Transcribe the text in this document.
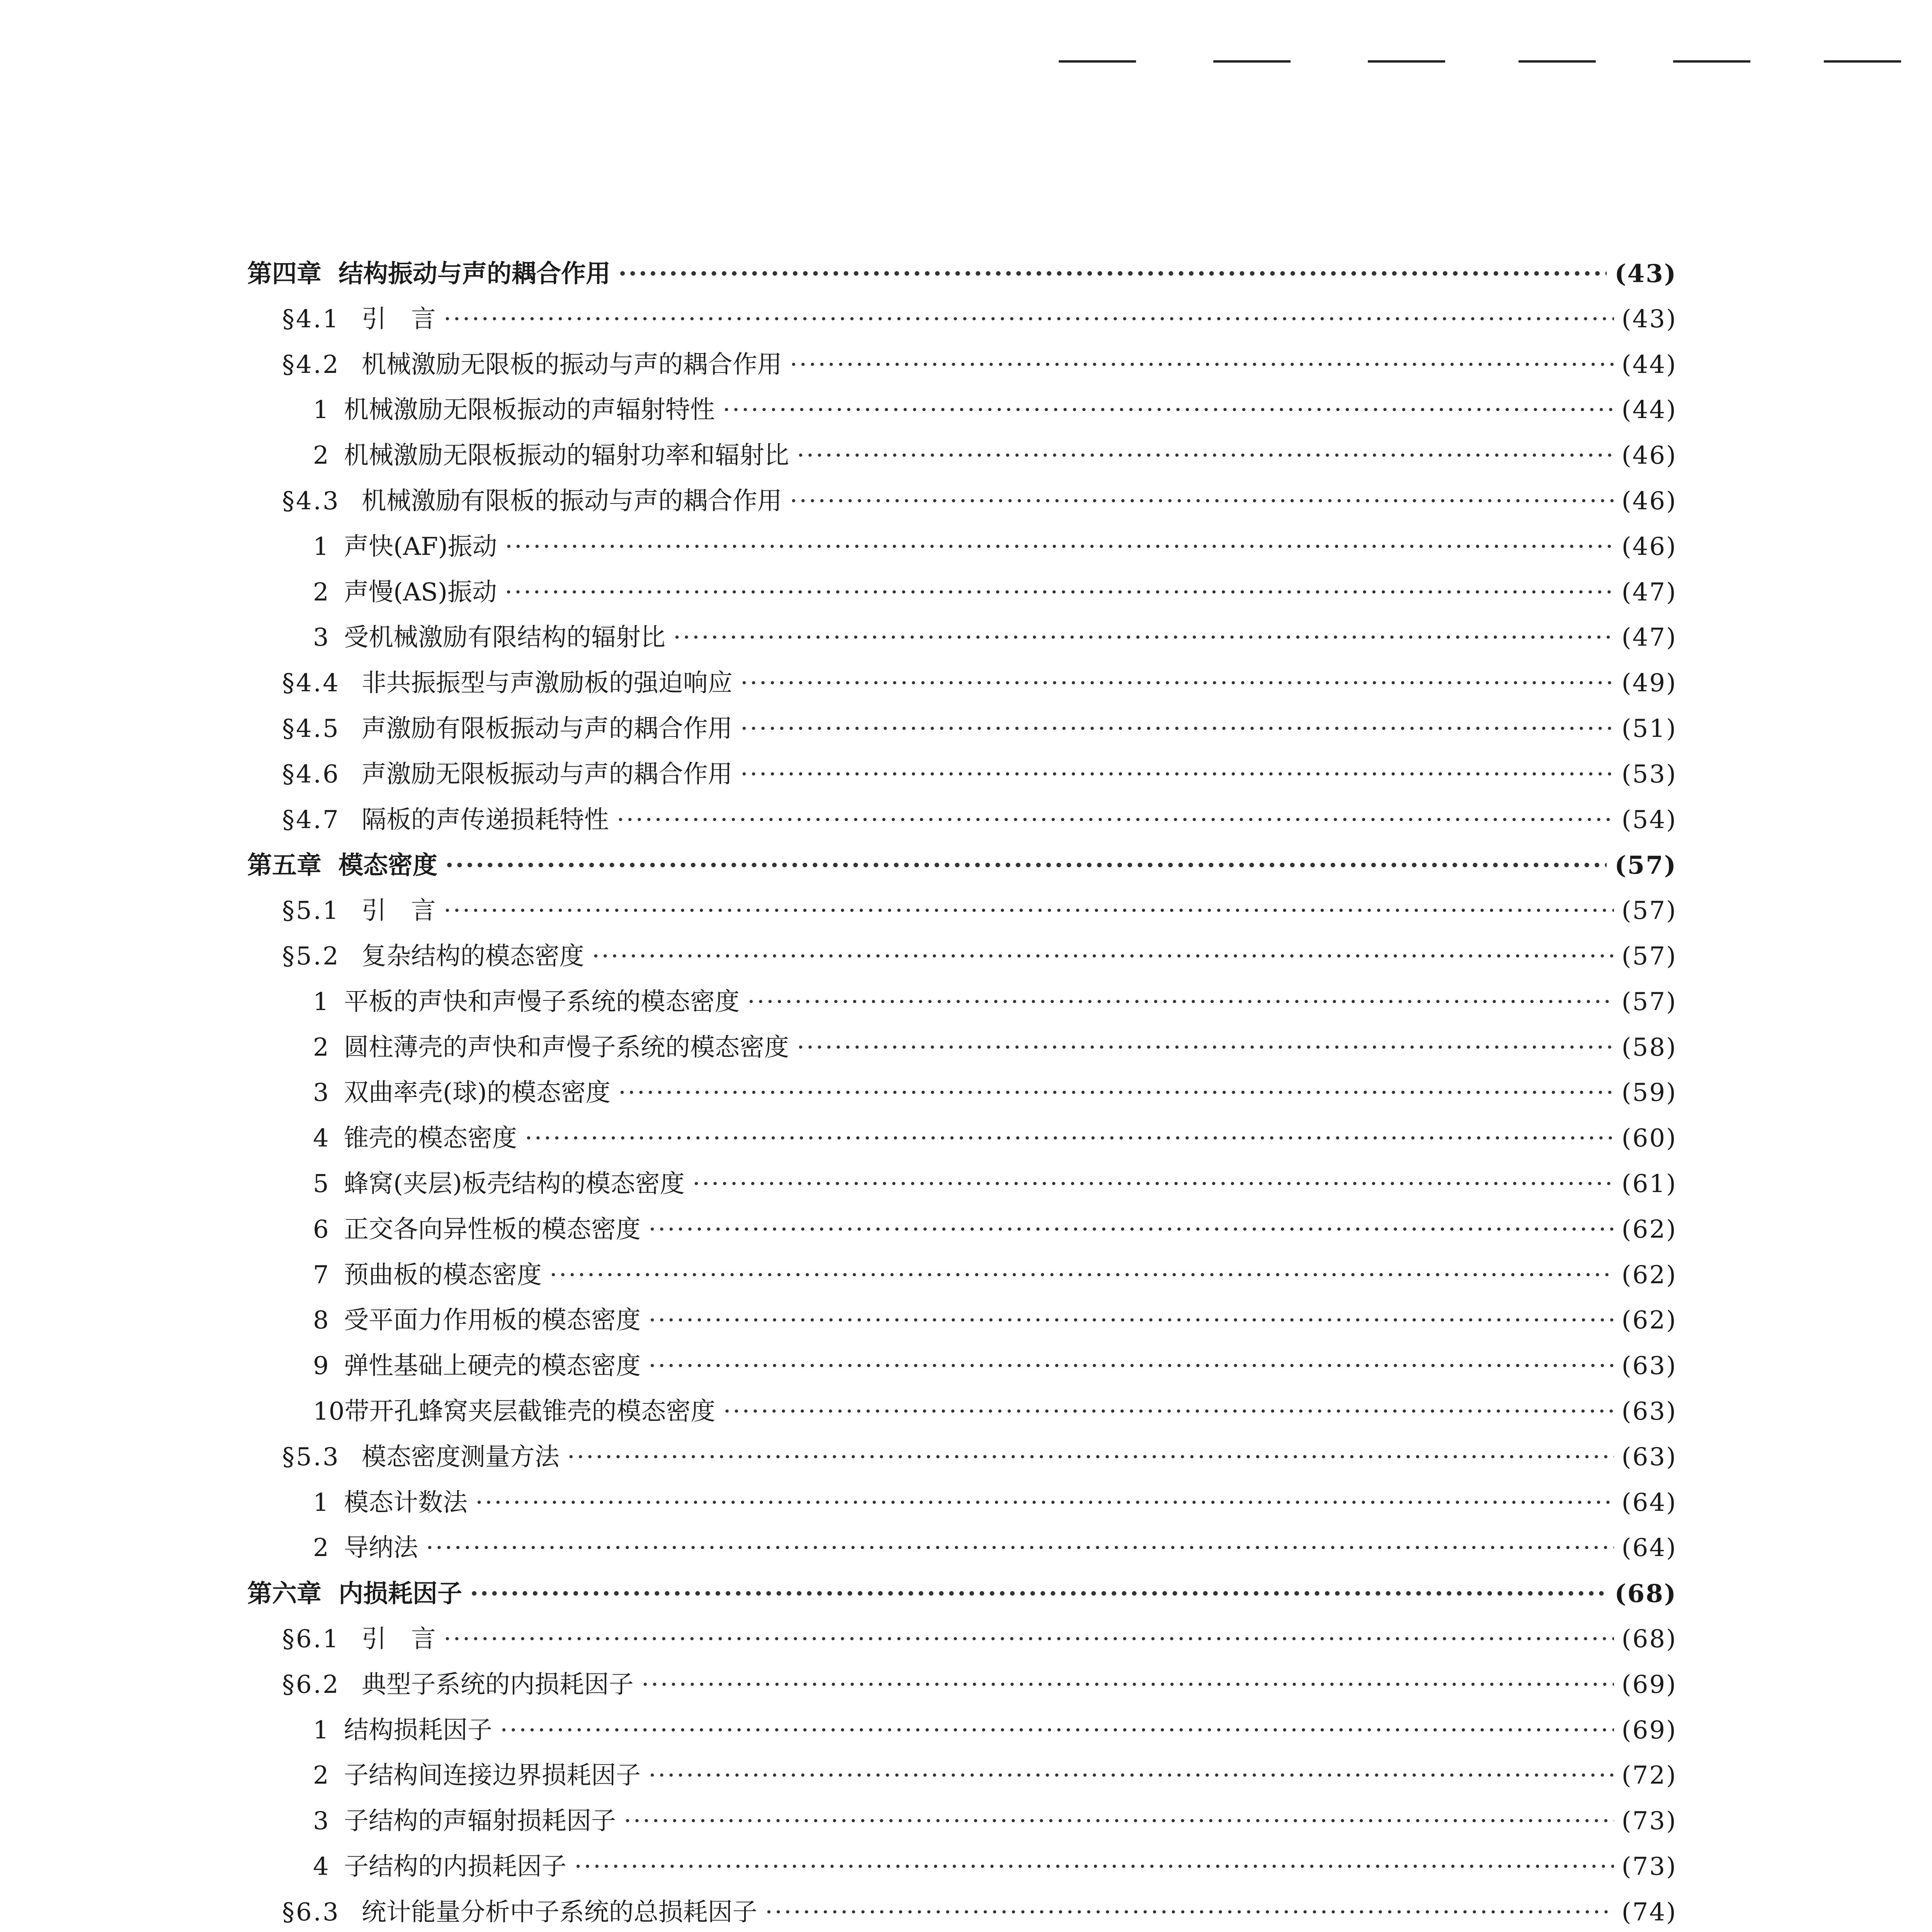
第四章 结构振动与声的耦合作用 ·····	(43)
§4.1 引　言 ·····	(43)
§4.2 机械激励无限板的振动与声的耦合作用 ·····	(44)
1 机械激励无限板振动的声辐射特性 ·····	(44)
2 机械激励无限板振动的辐射功率和辐射比 ·····	(46)
§4.3 机械激励有限板的振动与声的耦合作用 ·····	(46)
1 声快(AF)振动 ·····	(46)
2 声慢(AS)振动 ·····	(47)
3 受机械激励有限结构的辐射比 ·····	(47)
§4.4 非共振振型与声激励板的强迫响应 ·····	(49)
§4.5 声激励有限板振动与声的耦合作用 ·····	(51)
§4.6 声激励无限板振动与声的耦合作用 ·····	(53)
§4.7 隔板的声传递损耗特性 ·····	(54)
第五章 模态密度 ·····	(57)
§5.1 引　言 ·····	(57)
§5.2 复杂结构的模态密度 ·····	(57)
1 平板的声快和声慢子系统的模态密度 ·····	(57)
2 圆柱薄壳的声快和声慢子系统的模态密度 ·····	(58)
3 双曲率壳(球)的模态密度 ·····	(59)
4 锥壳的模态密度 ·····	(60)
5 蜂窝(夹层)板壳结构的模态密度 ·····	(61)
6 正交各向异性板的模态密度 ·····	(62)
7 预曲板的模态密度 ·····	(62)
8 受平面力作用板的模态密度 ·····	(62)
9 弹性基础上硬壳的模态密度 ·····	(63)
10带开孔蜂窝夹层截锥壳的模态密度 ·····	(63)
§5.3 模态密度测量方法 ·····	(63)
1 模态计数法 ·····	(64)
2 导纳法 ·····	(64)
第六章 内损耗因子 ·····	(68)
§6.1 引　言 ·····	(68)
§6.2 典型子系统的内损耗因子 ·····	(69)
1 结构损耗因子 ·····	(69)
2 子结构间连接边界损耗因子 ·····	(72)
3 子结构的声辐射损耗因子 ·····	(73)
4 子结构的内损耗因子 ·····	(73)
§6.3 统计能量分析中子系统的总损耗因子 ·····	(74)
